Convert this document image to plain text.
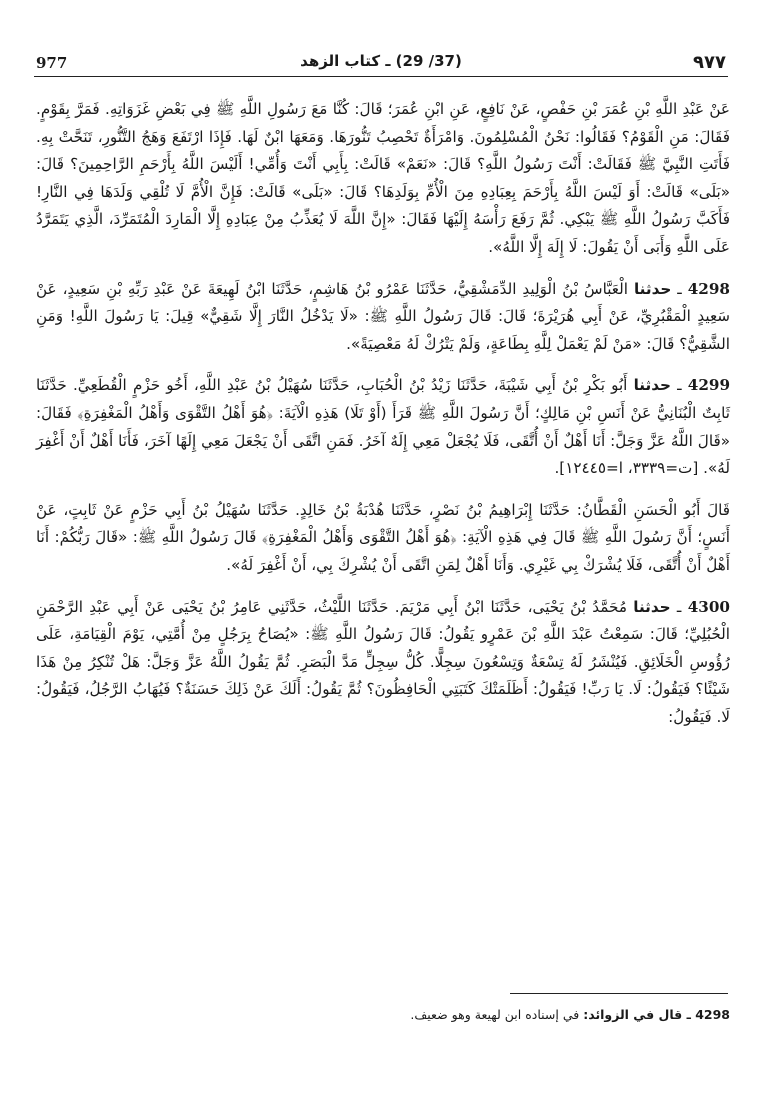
977	(37/ 29) ـ كتاب الزهد	٩٧٧

عَنْ عَبْدِ اللَّهِ بْنِ عُمَرَ بْنِ حَفْصٍ، عَنْ نَافِعٍ، عَنِ ابْنِ عُمَرَ؛ قَالَ: كُنَّا مَعَ رَسُولِ اللَّهِ ﷺ فِي بَعْضِ غَزَوَاتِهِ. فَمَرَّ بِقَوْمٍ. فَقَالَ: مَنِ الْقَوْمُ؟ فَقَالُوا: نَحْنُ الْمُسْلِمُونَ. وَامْرَأَةٌ تَحْصِبُ تَنُّورَهَا. وَمَعَهَا ابْنٌ لَهَا. فَإِذَا ارْتَفَعَ وَهَجُ التَّنُّورِ، تَنَحَّتْ بِهِ. فَأَتَتِ النَّبِيَّ ﷺ فَقَالَتْ: أَنْتَ رَسُولُ اللَّهِ؟ قَالَ: «نَعَمْ» قَالَتْ: بِأَبِي أَنْتَ وَأُمِّي! أَلَيْسَ اللَّهُ بِأَرْحَمِ الرَّاحِمِينَ؟ قَالَ: «بَلَى» قَالَتْ: أَوَ لَيْسَ اللَّهُ بِأَرْحَمَ بِعِبَادِهِ مِنَ الْأُمِّ بِوَلَدِهَا؟ قَالَ: «بَلَى» قَالَتْ: فَإِنَّ الْأُمَّ لَا تُلْقِي وَلَدَهَا فِي النَّارِ! فَأَكَبَّ رَسُولُ اللَّهِ ﷺ يَبْكِي. ثُمَّ رَفَعَ رَأْسَهُ إِلَيْهَا فَقَالَ: «إِنَّ اللَّهَ لَا يُعَذِّبُ مِنْ عِبَادِهِ إِلَّا الْمَارِدَ الْمُتَمَرِّدَ، الَّذِي يَتَمَرَّدُ عَلَى اللَّهِ وَأَبَى أَنْ يَقُولَ: لَا إِلَهَ إِلَّا اللَّهُ».

4298 ـ حدثنا الْعَبَّاسُ بْنُ الْوَلِيدِ الدِّمَشْقِيُّ، حَدَّثَنَا عَمْرُو بْنُ هَاشِمٍ، حَدَّثَنَا ابْنُ لَهِيعَةَ عَنْ عَبْدِ رَبِّهِ بْنِ سَعِيدٍ، عَنْ سَعِيدٍ الْمَقْبُرِيِّ، عَنْ أَبِي هُرَيْرَةَ؛ قَالَ: قَالَ رَسُولُ اللَّهِ ﷺ: «لَا يَدْخُلُ النَّارَ إِلَّا شَقِيٌّ» قِيلَ: يَا رَسُولَ اللَّهِ! وَمَنِ الشَّقِيُّ؟ قَالَ: «مَنْ لَمْ يَعْمَلْ لِلَّهِ بِطَاعَةٍ، وَلَمْ يَتْرُكْ لَهُ مَعْصِيَةً».

4299 ـ حدثنا أَبُو بَكْرِ بْنُ أَبِي شَيْبَةَ، حَدَّثَنَا زَيْدُ بْنُ الْحُبَابِ، حَدَّثَنَا سُهَيْلُ بْنُ عَبْدِ اللَّهِ، أَخُو حَزْمٍ الْقُطَعِيِّ. حَدَّثَنَا ثَابِتٌ الْبُنَانِيُّ عَنْ أَنَسِ بْنِ مَالِكٍ؛ أَنَّ رَسُولَ اللَّهِ ﷺ قَرَأَ (أَوْ تَلَا) هَذِهِ الْآيَةَ: ﴿هُوَ أَهْلُ التَّقْوَى وَأَهْلُ الْمَغْفِرَةِ﴾ فَقَالَ: «قَالَ اللَّهُ عَزَّ وَجَلَّ: أَنَا أَهْلٌ أَنْ أُتَّقَى، فَلَا يُجْعَلْ مَعِي إِلَهٌ آخَرُ. فَمَنِ اتَّقَى أَنْ يَجْعَلَ مَعِي إِلَهًا آخَرَ، فَأَنَا أَهْلٌ أَنْ أَغْفِرَ لَهُ». [ت=٣٣٣٩، ا=١٢٤٤٥].

قَالَ أَبُو الْحَسَنِ الْقَطَّانُ: حَدَّثَنَا إِبْرَاهِيمُ بْنُ نَصْرٍ، حَدَّثَنَا هُدْبَةُ بْنُ خَالِدٍ. حَدَّثَنَا سُهَيْلُ بْنُ أَبِي حَزْمٍ عَنْ ثَابِتٍ، عَنْ أَنَسٍ؛ أَنَّ رَسُولَ اللَّهِ ﷺ قَالَ فِي هَذِهِ الْآيَةِ: ﴿هُوَ أَهْلُ التَّقْوَى وَأَهْلُ الْمَغْفِرَةِ﴾ قَالَ رَسُولُ اللَّهِ ﷺ: «قَالَ رَبُّكُمْ: أَنَا أَهْلٌ أَنْ أُتَّقَى، فَلَا يُشْرَكْ بِي غَيْرِي. وَأَنَا أَهْلٌ لِمَنِ اتَّقَى أَنْ يُشْرِكَ بِي، أَنْ أَغْفِرَ لَهُ».

4300 ـ حدثنا مُحَمَّدُ بْنُ يَحْيَى، حَدَّثَنَا ابْنُ أَبِي مَرْيَمَ. حَدَّثَنَا اللَّيْثُ، حَدَّثَنِي عَامِرُ بْنُ يَحْيَى عَنْ أَبِي عَبْدِ الرَّحْمَنِ الْحُبُلِيِّ؛ قَالَ: سَمِعْتُ عَبْدَ اللَّهِ بْنَ عَمْرٍو يَقُولُ: قَالَ رَسُولُ اللَّهِ ﷺ: «يُصَاحُ بِرَجُلٍ مِنْ أُمَّتِي، يَوْمَ الْقِيَامَةِ، عَلَى رُؤُوسِ الْخَلَائِقِ. فَيُنْشَرُ لَهُ تِسْعَةٌ وَتِسْعُونَ سِجِلًّا. كُلُّ سِجِلٍّ مَدَّ الْبَصَرِ. ثُمَّ يَقُولُ اللَّهُ عَزَّ وَجَلَّ: هَلْ تُنْكِرُ مِنْ هَذَا شَيْئًا؟ فَيَقُولُ: لَا. يَا رَبِّ! فَيَقُولُ: أَظَلَمَتْكَ كَتَبَتِي الْحَافِظُونَ؟ ثُمَّ يَقُولُ: أَلَكَ عَنْ ذَلِكَ حَسَنَةٌ؟ فَيُهَابُ الرَّجُلُ، فَيَقُولُ: لَا. فَيَقُولُ:

4298 ـ قال في الزوائد: في إسناده ابن لهيعة وهو ضعيف.
